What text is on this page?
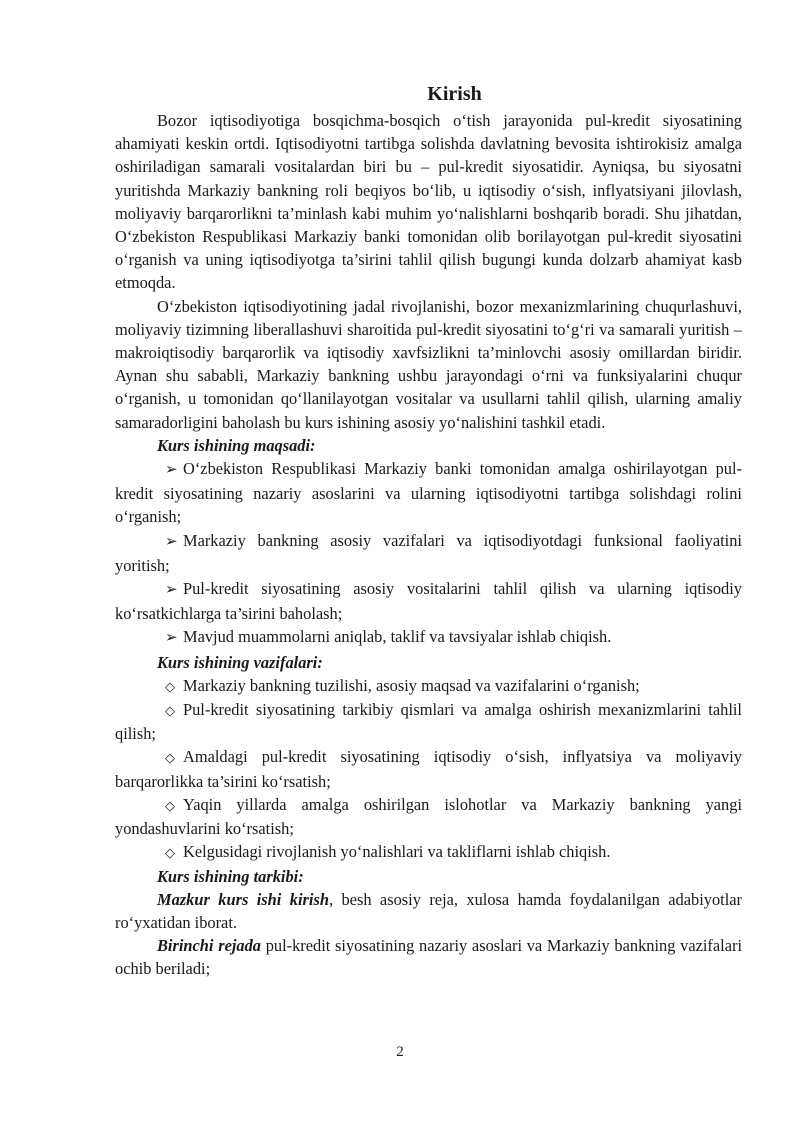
Kirish

Bozor iqtisodiyotiga bosqichma-bosqich o‘tish jarayonida pul-kredit siyosatining ahamiyati keskin ortdi. Iqtisodiyotni tartibga solishda davlatning bevosita ishtirokisiz amalga oshiriladigan samarali vositalardan biri bu – pul-kredit siyosatidir. Ayniqsa, bu siyosatni yuritishda Markaziy bankning roli beqiyos bo‘lib, u iqtisodiy o‘sish, inflyatsiyani jilovlash, moliyaviy barqarorlikni ta’minlash kabi muhim yo‘nalishlarni boshqarib boradi. Shu jihatdan, O‘zbekiston Respublikasi Markaziy banki tomonidan olib borilayotgan pul-kredit siyosatini o‘rganish va uning iqtisodiyotga ta’sirini tahlil qilish bugungi kunda dolzarb ahamiyat kasb etmoqda.

O‘zbekiston iqtisodiyotining jadal rivojlanishi, bozor mexanizmlarining chuqurlashuvi, moliyaviy tizimning liberallashuvi sharoitida pul-kredit siyosatini to‘g‘ri va samarali yuritish – makroiqtisodiy barqarorlik va iqtisodiy xavfsizlikni ta’minlovchi asosiy omillardan biridir. Aynan shu sababli, Markaziy bankning ushbu jarayondagi o‘rni va funksiyalarini chuqur o‘rganish, u tomonidan qo‘llanilayotgan vositalar va usullarni tahlil qilish, ularning amaliy samaradorligini baholash bu kurs ishining asosiy yo‘nalishini tashkil etadi.

Kurs ishining maqsadi:

➢ O‘zbekiston Respublikasi Markaziy banki tomonidan amalga oshirilayotgan pul-kredit siyosatining nazariy asoslarini va ularning iqtisodiyotni tartibga solishdagi rolini o‘rganish;

➢ Markaziy bankning asosiy vazifalari va iqtisodiyotdagi funksional faoliyatini yoritish;

➢ Pul-kredit siyosatining asosiy vositalarini tahlil qilish va ularning iqtisodiy ko‘rsatkichlarga ta’sirini baholash;

➢ Mavjud muammolarni aniqlab, taklif va tavsiyalar ishlab chiqish.

Kurs ishining vazifalari:

◇ Markaziy bankning tuzilishi, asosiy maqsad va vazifalarini o‘rganish;

◇ Pul-kredit siyosatining tarkibiy qismlari va amalga oshirish mexanizmlarini tahlil qilish;

◇ Amaldagi pul-kredit siyosatining iqtisodiy o‘sish, inflyatsiya va moliyaviy barqarorlikka ta’sirini ko‘rsatish;

◇ Yaqin yillarda amalga oshirilgan islohotlar va Markaziy bankning yangi yondashuvlarini ko‘rsatish;

◇ Kelgusidagi rivojlanish yo‘nalishlari va takliflarni ishlab chiqish.

Kurs ishining tarkibi:

Mazkur kurs ishi kirish, besh asosiy reja, xulosa hamda foydalanilgan adabiyotlar ro‘yxatidan iborat.

Birinchi rejada pul-kredit siyosatining nazariy asoslari va Markaziy bankning vazifalari ochib beriladi;

2
